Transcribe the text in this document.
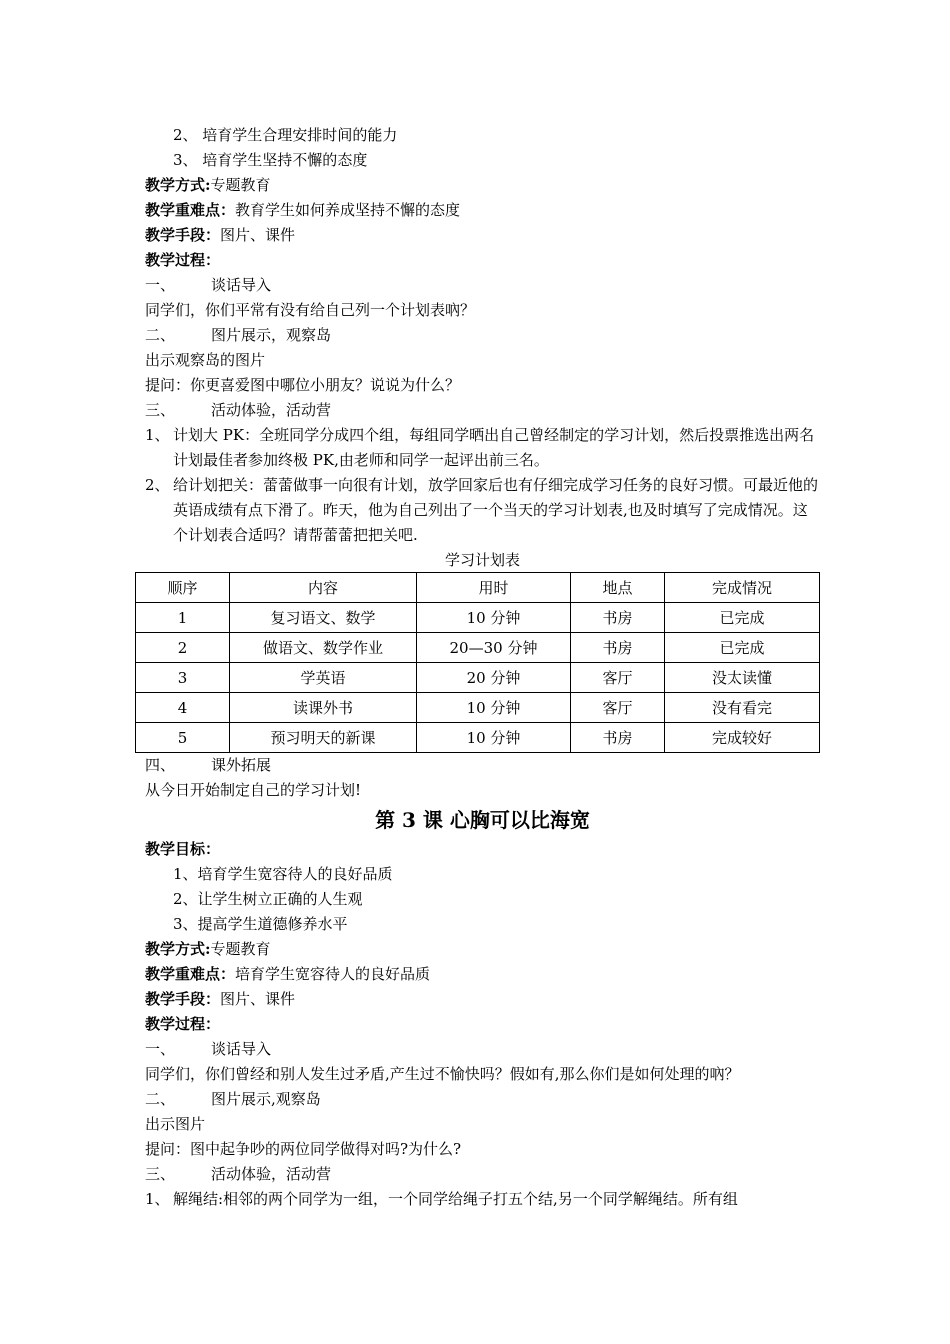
2、 培育学生合理安排时间的能力
3、 培育学生坚持不懈的态度
教学方式:专题教育
教学重难点：教育学生如何养成坚持不懈的态度
教学手段：图片、课件
教学过程：
一、 谈话导入
同学们，你们平常有没有给自己列一个计划表吶？
二、 图片展示，观察岛
出示观察岛的图片
提问：你更喜爱图中哪位小朋友？说说为什么？
三、 活动体验，活动营
1、 计划大 PK：全班同学分成四个组，每组同学晒出自己曾经制定的学习计划，然后投票推选出两名计划最佳者参加终极 PK,由老师和同学一起评出前三名。
2、 给计划把关：蕾蕾做事一向很有计划，放学回家后也有仔细完成学习任务的良好习惯。可最近他的英语成绩有点下滑了。昨天，他为自己列出了一个当天的学习计划表,也及时填写了完成情况。这个计划表合适吗？请帮蕾蕾把把关吧.
学习计划表
顺序	内容	用时	地点	完成情况
1	复习语文、数学	10 分钟	书房	已完成
2	做语文、数学作业	20—30 分钟	书房	已完成
3	学英语	20 分钟	客厅	没太读懂
4	读课外书	10 分钟	客厅	没有看完
5	预习明天的新课	10 分钟	书房	完成较好
四、 课外拓展
从今日开始制定自己的学习计划!
第 3 课 心胸可以比海宽
教学目标：
1、培育学生宽容待人的良好品质
2、让学生树立正确的人生观
3、提高学生道德修养水平
教学方式:专题教育
教学重难点：培育学生宽容待人的良好品质
教学手段：图片、课件
教学过程：
一、 谈话导入
同学们，你们曾经和别人发生过矛盾,产生过不愉快吗？假如有,那么你们是如何处理的吶？
二、 图片展示,观察岛
出示图片
提问：图中起争吵的两位同学做得对吗?为什么?
三、 活动体验，活动营
1、 解绳结:相邻的两个同学为一组，一个同学给绳子打五个结,另一个同学解绳结。所有组
